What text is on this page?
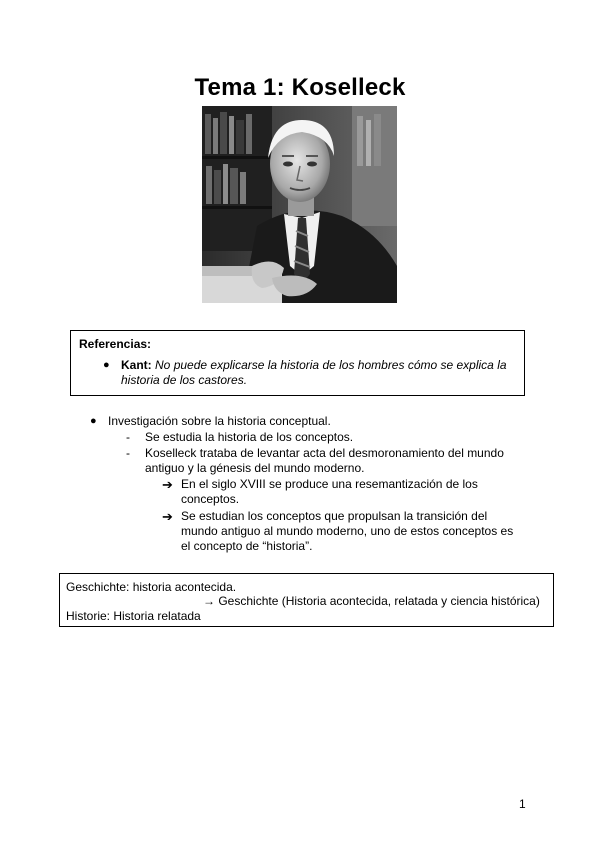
Tema 1: Koselleck
Referencias:
● Kant: No puede explicarse la historia de los hombres cómo se explica la historia de los castores.
● Investigación sobre la historia conceptual.
- Se estudia la historia de los conceptos.
- Koselleck trataba de levantar acta del desmoronamiento del mundo
antiguo y la génesis del mundo moderno.
➔ En el siglo XVIII se produce una resemantización de los
conceptos.
➔ Se estudian los conceptos que propulsan la transición del
mundo antiguo al mundo moderno, uno de estos conceptos es
el concepto de “historia”.
Geschichte: historia acontecida.
→ Geschichte (Historia acontecida, relatada y ciencia histórica)
Historie: Historia relatada
1
